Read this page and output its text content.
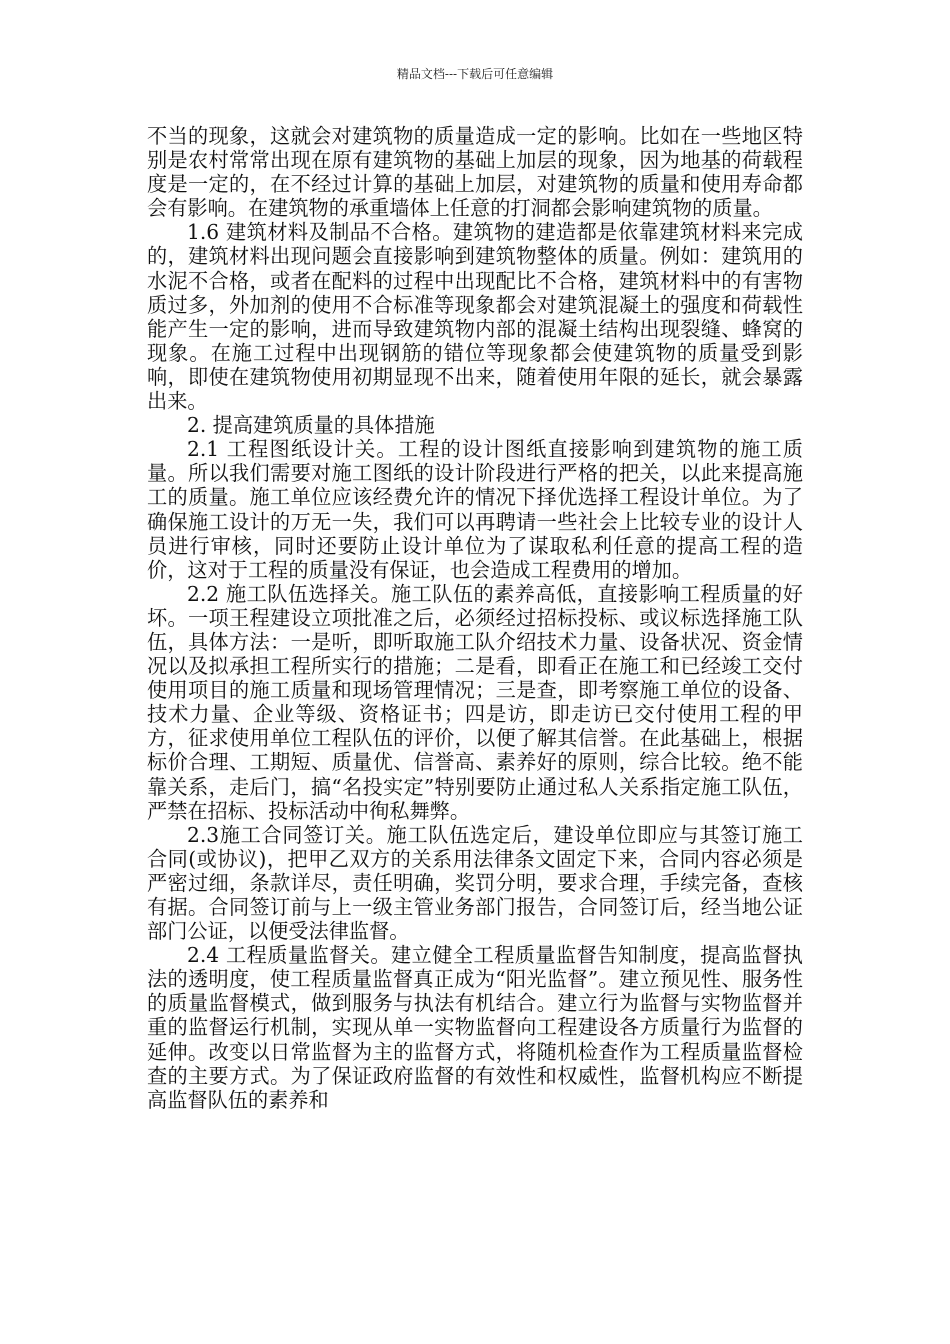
精品文档---下载后可任意编辑

不当的现象，这就会对建筑物的质量造成一定的影响。比如在一些地区特别是农村常常出现在原有建筑物的基础上加层的现象，因为地基的荷载程度是一定的，在不经过计算的基础上加层，对建筑物的质量和使用寿命都会有影响。在建筑物的承重墙体上任意的打洞都会影响建筑物的质量。

1.6 建筑材料及制品不合格。建筑物的建造都是依靠建筑材料来完成的，建筑材料出现问题会直接影响到建筑物整体的质量。例如：建筑用的水泥不合格，或者在配料的过程中出现配比不合格，建筑材料中的有害物质过多，外加剂的使用不合标准等现象都会对建筑混凝土的强度和荷载性能产生一定的影响，进而导致建筑物内部的混凝土结构出现裂缝、蜂窝的现象。在施工过程中出现钢筋的错位等现象都会使建筑物的质量受到影响，即使在建筑物使用初期显现不出来，随着使用年限的延长，就会暴露出来。

2. 提高建筑质量的具体措施

2.1 工程图纸设计关。工程的设计图纸直接影响到建筑物的施工质量。所以我们需要对施工图纸的设计阶段进行严格的把关，以此来提高施工的质量。施工单位应该经费允许的情况下择优选择工程设计单位。为了确保施工设计的万无一失，我们可以再聘请一些社会上比较专业的设计人员进行审核，同时还要防止设计单位为了谋取私利任意的提高工程的造价，这对于工程的质量没有保证，也会造成工程费用的增加。

2.2 施工队伍选择关。施工队伍的素养高低，直接影响工程质量的好坏。一项王程建设立项批准之后，必须经过招标投标、或议标选择施工队伍，具体方法：一是听，即听取施工队介绍技术力量、设备状况、资金情况以及拟承担工程所实行的措施；二是看，即看正在施工和已经竣工交付使用项目的施工质量和现场管理情况；三是查，即考察施工单位的设备、技术力量、企业等级、资格证书；四是访，即走访已交付使用工程的甲方，征求使用单位工程队伍的评价，以便了解其信誉。在此基础上，根据标价合理、工期短、质量优、信誉高、素养好的原则，综合比较。绝不能靠关系，走后门，搞“名投实定”特别要防止通过私人关系指定施工队伍，严禁在招标、投标活动中徇私舞弊。

2.3施工合同签订关。施工队伍选定后，建设单位即应与其签订施工合同(或协议)，把甲乙双方的关系用法律条文固定下来，合同内容必须是严密过细，条款详尽，责任明确，奖罚分明，要求合理，手续完备，查核有据。合同签订前与上一级主管业务部门报告，合同签订后，经当地公证部门公证，以便受法律监督。

2.4 工程质量监督关。建立健全工程质量监督告知制度，提高监督执法的透明度，使工程质量监督真正成为“阳光监督”。建立预见性、服务性的质量监督模式，做到服务与执法有机结合。建立行为监督与实物监督并重的监督运行机制，实现从单一实物监督向工程建设各方质量行为监督的延伸。改变以日常监督为主的监督方式，将随机检查作为工程质量监督检查的主要方式。为了保证政府监督的有效性和权威性，监督机构应不断提高监督队伍的素养和
